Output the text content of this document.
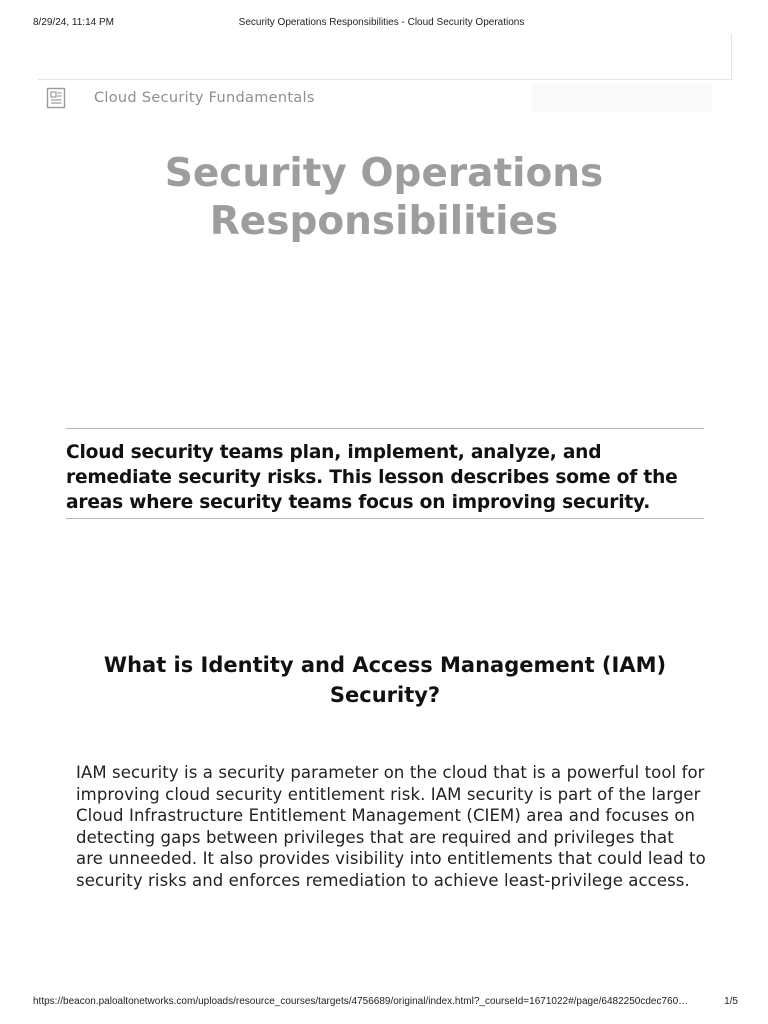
8/29/24, 11:14 PM	Security Operations Responsibilities - Cloud Security Operations
Cloud Security Fundamentals
Security Operations Responsibilities

Cloud security teams plan, implement, analyze, and remediate security risks. This lesson describes some of the areas where security teams focus on improving security.

What is Identity and Access Management (IAM) Security?

IAM security is a security parameter on the cloud that is a powerful tool for improving cloud security entitlement risk. IAM security is part of the larger Cloud Infrastructure Entitlement Management (CIEM) area and focuses on detecting gaps between privileges that are required and privileges that are unneeded. It also provides visibility into entitlements that could lead to security risks and enforces remediation to achieve least-privilege access.

https://beacon.paloaltonetworks.com/uploads/resource_courses/targets/4756689/original/index.html?_courseId=1671022#/page/6482250cdec760…	1/5
